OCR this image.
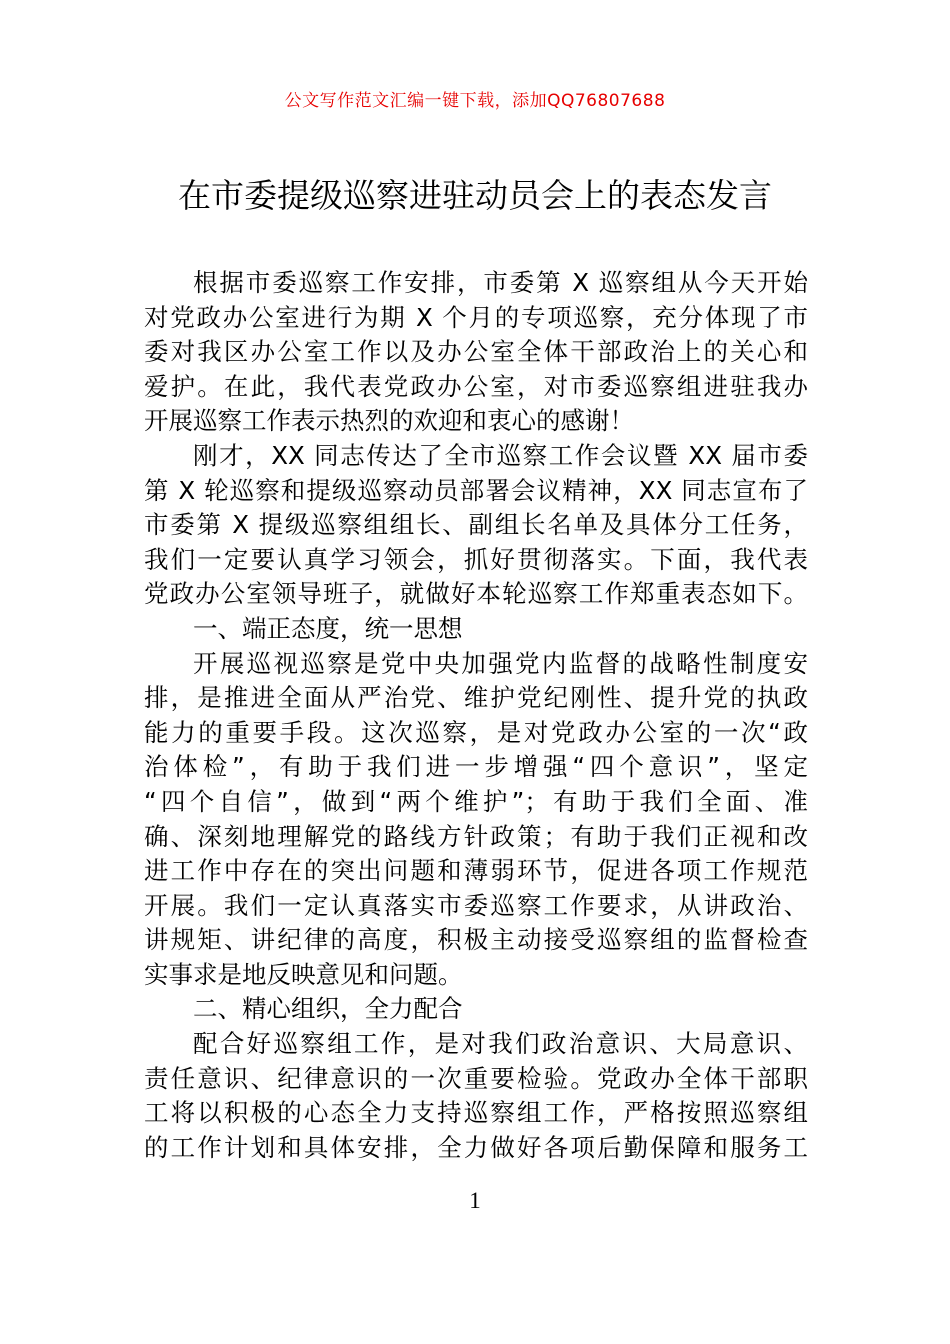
公文写作范文汇编一键下载，添加QQ76807688
在市委提级巡察进驻动员会上的表态发言
根据市委巡察工作安排，市委第 X 巡察组从今天开始
对党政办公室进行为期 X 个月的专项巡察，充分体现了市
委对我区办公室工作以及办公室全体干部政治上的关心和
爱护。在此，我代表党政办公室，对市委巡察组进驻我办
开展巡察工作表示热烈的欢迎和衷心的感谢！
刚才，XX 同志传达了全市巡察工作会议暨 XX 届市委
第 X 轮巡察和提级巡察动员部署会议精神，XX 同志宣布了
市委第 X 提级巡察组组长、副组长名单及具体分工任务，
我们一定要认真学习领会，抓好贯彻落实。下面，我代表
党政办公室领导班子，就做好本轮巡察工作郑重表态如下。
一、端正态度，统一思想
开展巡视巡察是党中央加强党内监督的战略性制度安
排，是推进全面从严治党、维护党纪刚性、提升党的执政
能力的重要手段。这次巡察，是对党政办公室的一次“政
治体检”，有助于我们进一步增强“四个意识”，坚定
“四个自信”，做到“两个维护”；有助于我们全面、准
确、深刻地理解党的路线方针政策；有助于我们正视和改
进工作中存在的突出问题和薄弱环节，促进各项工作规范
开展。我们一定认真落实市委巡察工作要求，从讲政治、
讲规矩、讲纪律的高度，积极主动接受巡察组的监督检查
实事求是地反映意见和问题。
二、精心组织，全力配合
配合好巡察组工作，是对我们政治意识、大局意识、
责任意识、纪律意识的一次重要检验。党政办全体干部职
工将以积极的心态全力支持巡察组工作，严格按照巡察组
的工作计划和具体安排，全力做好各项后勤保障和服务工
1
